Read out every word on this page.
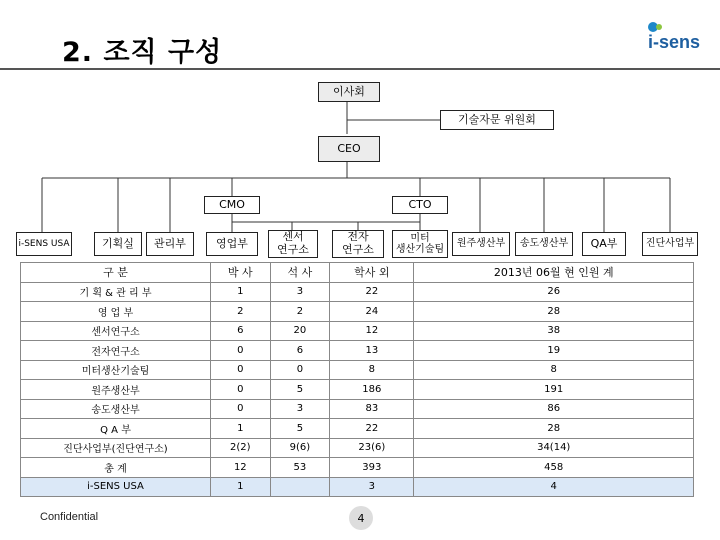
2. 조직 구성	i-sens
이사회
기술자문 위원회
CEO
CMO	CTO
i-SENS USA	기획실	관리부	영업부	센서
연구소
전자
연구소
미터
생산기술팀
원주생산부	송도생산부	QA부	진단사업부
구 분	박 사	석 사	학사 외	2013년 06월 현 인원 계
기 획 & 관 리 부	1	3	22	26
영 업 부	2	2	24	28
센서연구소	6	20	12	38
전자연구소	0	6	13	19
미터생산기술팀	0	0	8	8
원주생산부	0	5	186	191
송도생산부	0	3	83	86
Q A 부	1	5	22	28
진단사업부(진단연구소)	2(2)	9(6)	23(6)	34(14)
총 계	12	53	393	458
i-SENS USA	1		3	4
Confidential	4
